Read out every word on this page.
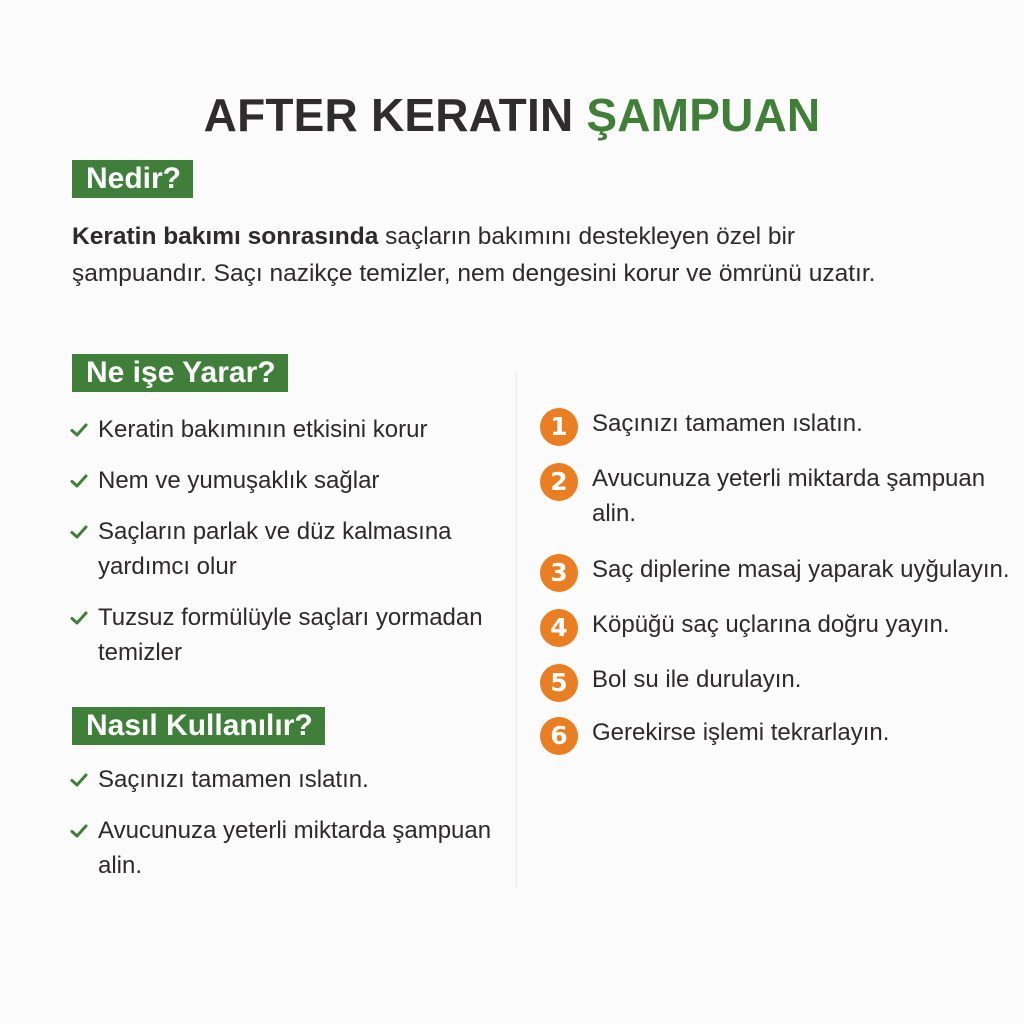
AFTER KERATIN ŞAMPUAN
Nedir?

Keratin bakımı sonrasında saçların bakımını destekleyen özel bir şampuandır. Saçı nazikçe temizler, nem dengesini korur ve ömrünü uzatır.

Ne işe Yarar?
Keratin bakımının etkisini korur
Nem ve yumuşaklık sağlar
Saçların parlak ve düz kalmasına yardımcı olur
Tuzsuz formülüyle saçları yormadan temizler
Nasıl Kullanılır?
Saçınızı tamamen ıslatın.
Avucunuza yeterli miktarda şampuan alin.
1	Saçınızı tamamen ıslatın.
2	Avucunuza yeterli miktarda şampuan alin.
3	Saç diplerine masaj yaparak uyğulayın.
4	Köpüğü saç uçlarına doğru yayın.
5	Bol su ile durulayın.
6	Gerekirse işlemi tekrarlayın.
